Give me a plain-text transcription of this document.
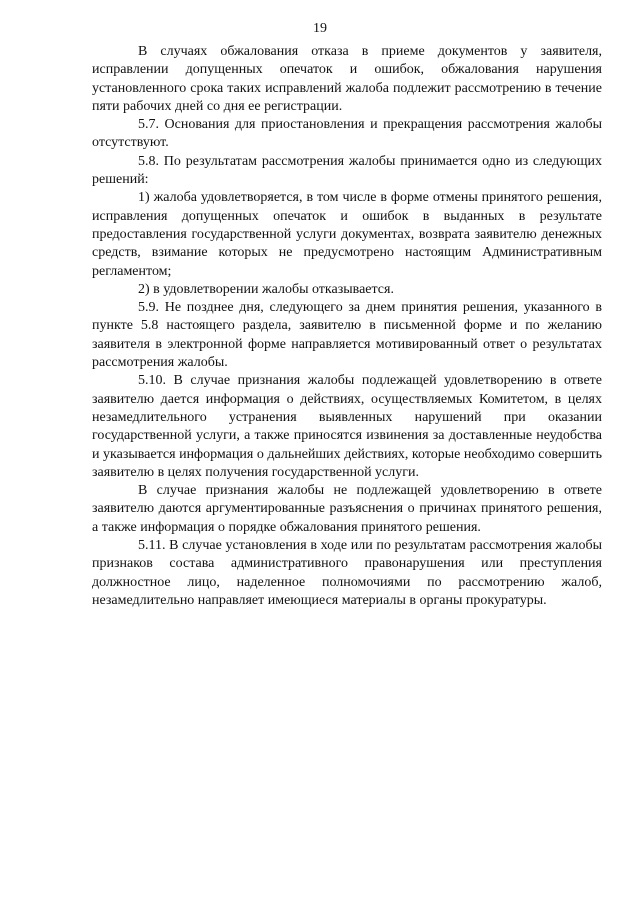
19

В случаях обжалования отказа в приеме документов у заявителя, исправлении допущенных опечаток и ошибок, обжалования нарушения установленного срока таких исправлений жалоба подлежит рассмотрению в течение пяти рабочих дней со дня ее регистрации.

5.7. Основания для приостановления и прекращения рассмотрения жалобы отсутствуют.

5.8. По результатам рассмотрения жалобы принимается одно из следующих решений:

1) жалоба удовлетворяется, в том числе в форме отмены принятого решения, исправления допущенных опечаток и ошибок в выданных в результате предоставления государственной услуги документах, возврата заявителю денежных средств, взимание которых не предусмотрено настоящим Административным регламентом;

2) в удовлетворении жалобы отказывается.

5.9. Не позднее дня, следующего за днем принятия решения, указанного в пункте 5.8 настоящего раздела, заявителю в письменной форме и по желанию заявителя в электронной форме направляется мотивированный ответ о результатах рассмотрения жалобы.

5.10. В случае признания жалобы подлежащей удовлетворению в ответе заявителю дается информация о действиях, осуществляемых Комитетом, в целях незамедлительного устранения выявленных нарушений при оказании государственной услуги, а также приносятся извинения за доставленные неудобства и указывается информация о дальнейших действиях, которые необходимо совершить заявителю в целях получения государственной услуги.

В случае признания жалобы не подлежащей удовлетворению в ответе заявителю даются аргументированные разъяснения о причинах принятого решения, а также информация о порядке обжалования принятого решения.

5.11. В случае установления в ходе или по результатам рассмотрения жалобы признаков состава административного правонарушения или преступления должностное лицо, наделенное полномочиями по рассмотрению жалоб, незамедлительно направляет имеющиеся материалы в органы прокуратуры.
